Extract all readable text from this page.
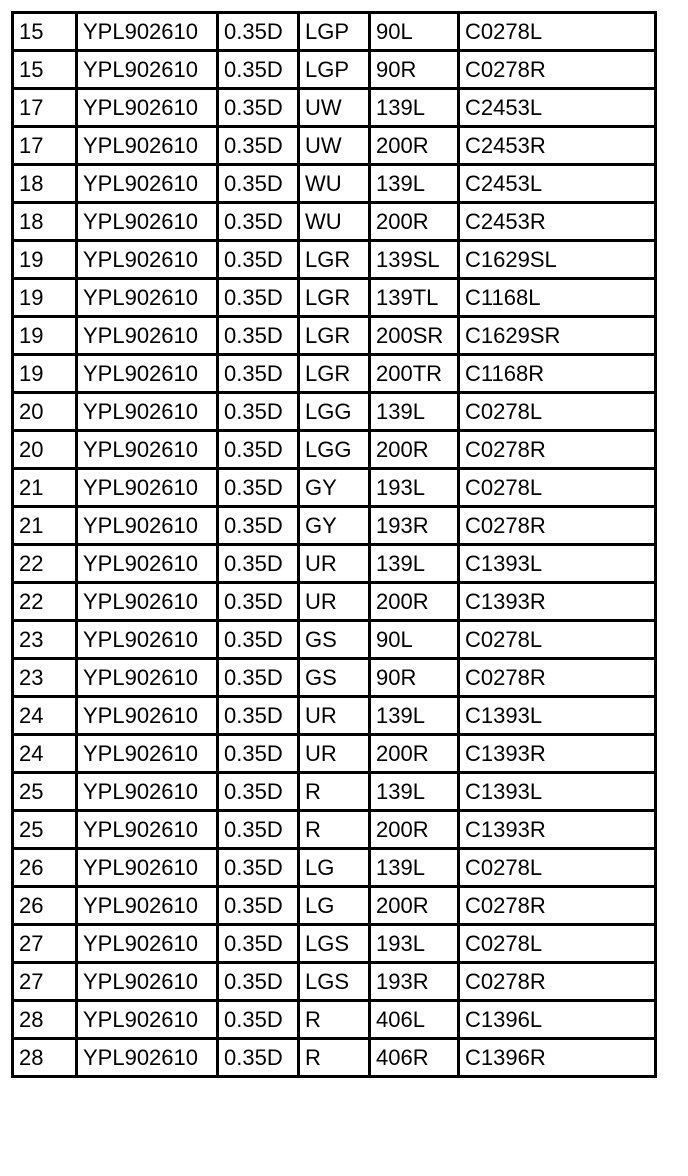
15	YPL902610	0.35D	LGP	90L	C0278L
15	YPL902610	0.35D	LGP	90R	C0278R
17	YPL902610	0.35D	UW	139L	C2453L
17	YPL902610	0.35D	UW	200R	C2453R
18	YPL902610	0.35D	WU	139L	C2453L
18	YPL902610	0.35D	WU	200R	C2453R
19	YPL902610	0.35D	LGR	139SL	C1629SL
19	YPL902610	0.35D	LGR	139TL	C1168L
19	YPL902610	0.35D	LGR	200SR	C1629SR
19	YPL902610	0.35D	LGR	200TR	C1168R
20	YPL902610	0.35D	LGG	139L	C0278L
20	YPL902610	0.35D	LGG	200R	C0278R
21	YPL902610	0.35D	GY	193L	C0278L
21	YPL902610	0.35D	GY	193R	C0278R
22	YPL902610	0.35D	UR	139L	C1393L
22	YPL902610	0.35D	UR	200R	C1393R
23	YPL902610	0.35D	GS	90L	C0278L
23	YPL902610	0.35D	GS	90R	C0278R
24	YPL902610	0.35D	UR	139L	C1393L
24	YPL902610	0.35D	UR	200R	C1393R
25	YPL902610	0.35D	R	139L	C1393L
25	YPL902610	0.35D	R	200R	C1393R
26	YPL902610	0.35D	LG	139L	C0278L
26	YPL902610	0.35D	LG	200R	C0278R
27	YPL902610	0.35D	LGS	193L	C0278L
27	YPL902610	0.35D	LGS	193R	C0278R
28	YPL902610	0.35D	R	406L	C1396L
28	YPL902610	0.35D	R	406R	C1396R
